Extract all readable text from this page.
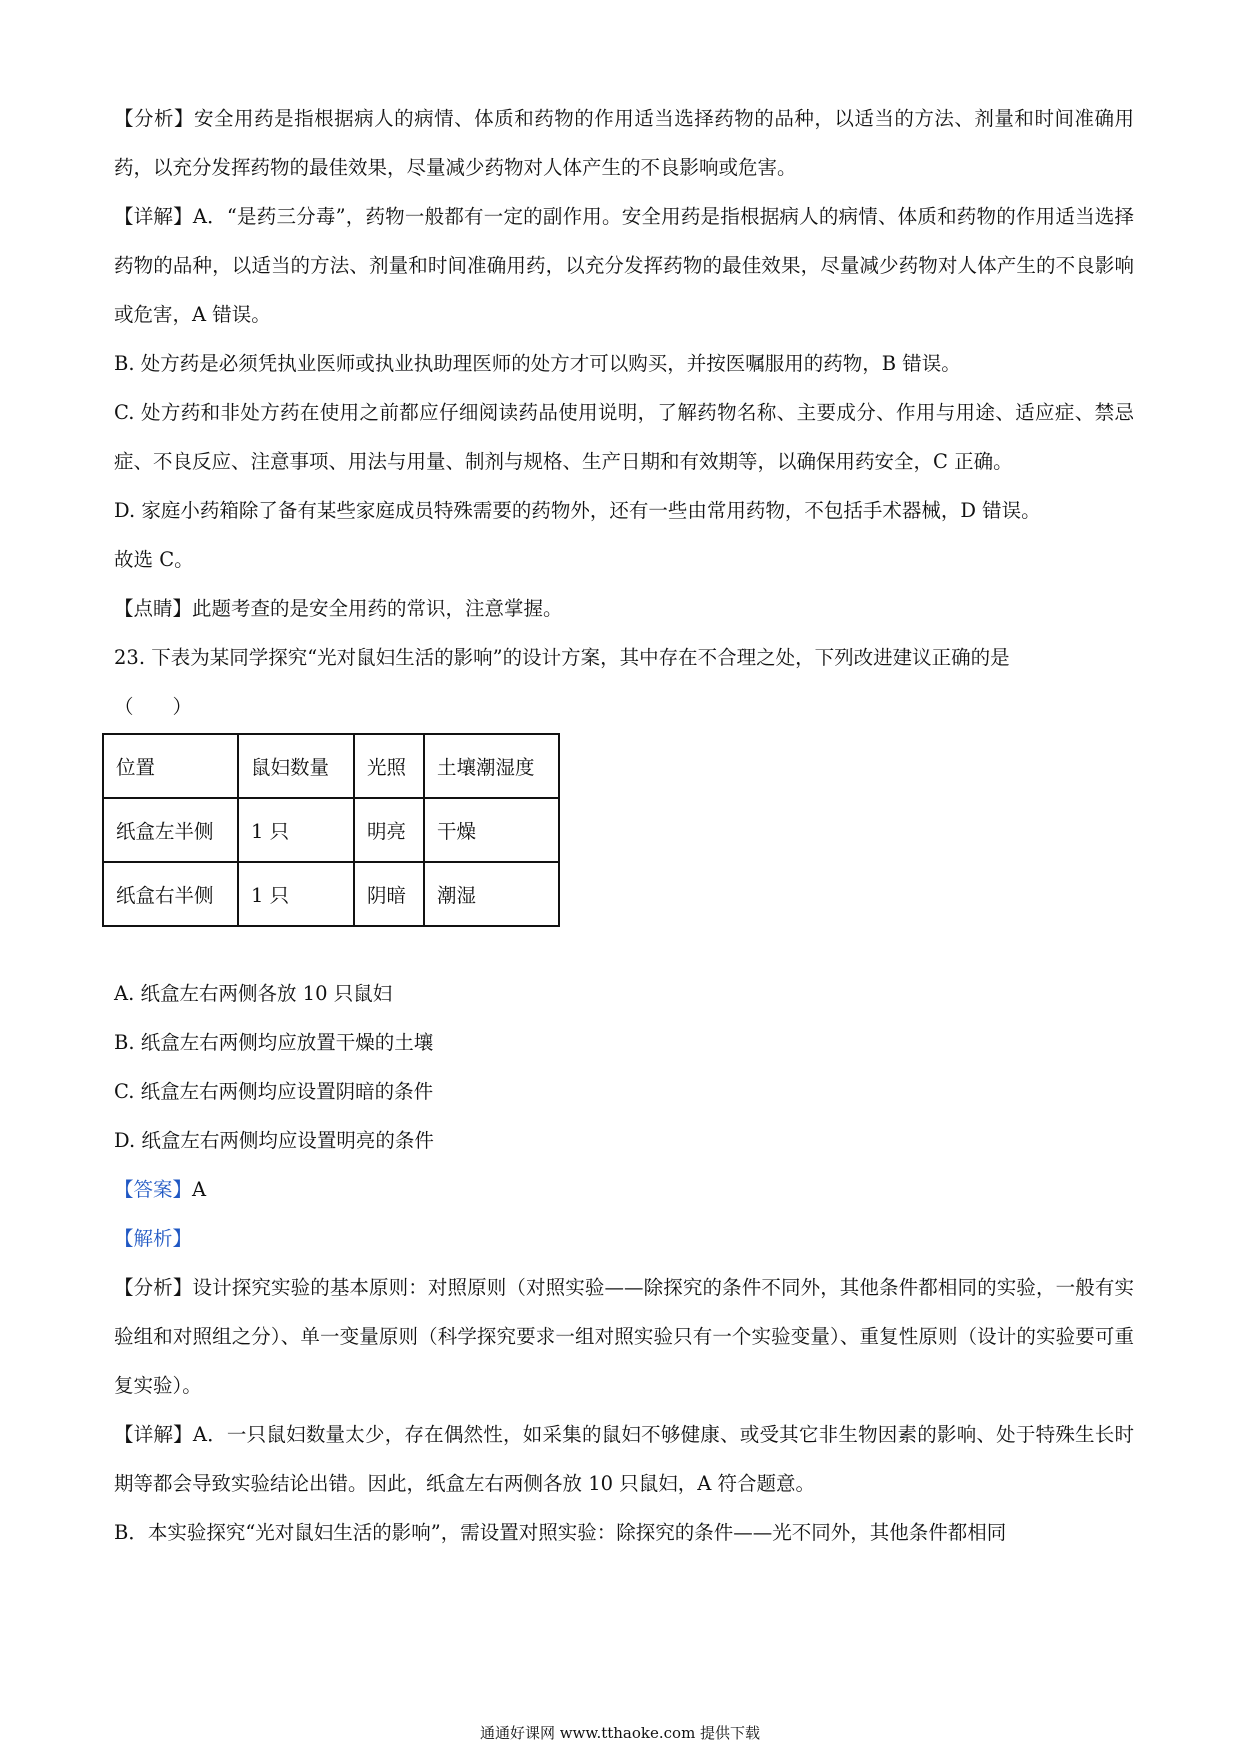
【分析】安全用药是指根据病人的病情、体质和药物的作用适当选择药物的品种，以适当的方法、剂量和时间准确用药，以充分发挥药物的最佳效果，尽量减少药物对人体产生的不良影响或危害。

【详解】A．“是药三分毒”，药物一般都有一定的副作用。安全用药是指根据病人的病情、体质和药物的作用适当选择药物的品种，以适当的方法、剂量和时间准确用药，以充分发挥药物的最佳效果，尽量减少药物对人体产生的不良影响或危害，A 错误。

B. 处方药是必须凭执业医师或执业执助理医师的处方才可以购买，并按医嘱服用的药物，B 错误。

C. 处方药和非处方药在使用之前都应仔细阅读药品使用说明，了解药物名称、主要成分、作用与用途、适应症、禁忌症、不良反应、注意事项、用法与用量、制剂与规格、生产日期和有效期等，以确保用药安全，C 正确。

D. 家庭小药箱除了备有某些家庭成员特殊需要的药物外，还有一些由常用药物，不包括手术器械，D 错误。

故选 C。

【点睛】此题考查的是安全用药的常识，注意掌握。

23. 下表为某同学探究“光对鼠妇生活的影响”的设计方案，其中存在不合理之处，下列改进建议正确的是

（　　）

位置	鼠妇数量	光照	土壤潮湿度
纸盒左半侧	1 只	明亮	干燥
纸盒右半侧	1 只	阴暗	潮湿

A. 纸盒左右两侧各放 10 只鼠妇

B. 纸盒左右两侧均应放置干燥的土壤

C. 纸盒左右两侧均应设置阴暗的条件

D. 纸盒左右两侧均应设置明亮的条件

【答案】A

【解析】

【分析】设计探究实验的基本原则：对照原则（对照实验——除探究的条件不同外，其他条件都相同的实验，一般有实验组和对照组之分）、单一变量原则（科学探究要求一组对照实验只有一个实验变量）、重复性原则（设计的实验要可重复实验）。

【详解】A．一只鼠妇数量太少，存在偶然性，如采集的鼠妇不够健康、或受其它非生物因素的影响、处于特殊生长时期等都会导致实验结论出错。因此，纸盒左右两侧各放 10 只鼠妇，A 符合题意。

B．本实验探究“光对鼠妇生活的影响”，需设置对照实验：除探究的条件——光不同外，其他条件都相同

通通好课网 www.tthaoke.com 提供下载
